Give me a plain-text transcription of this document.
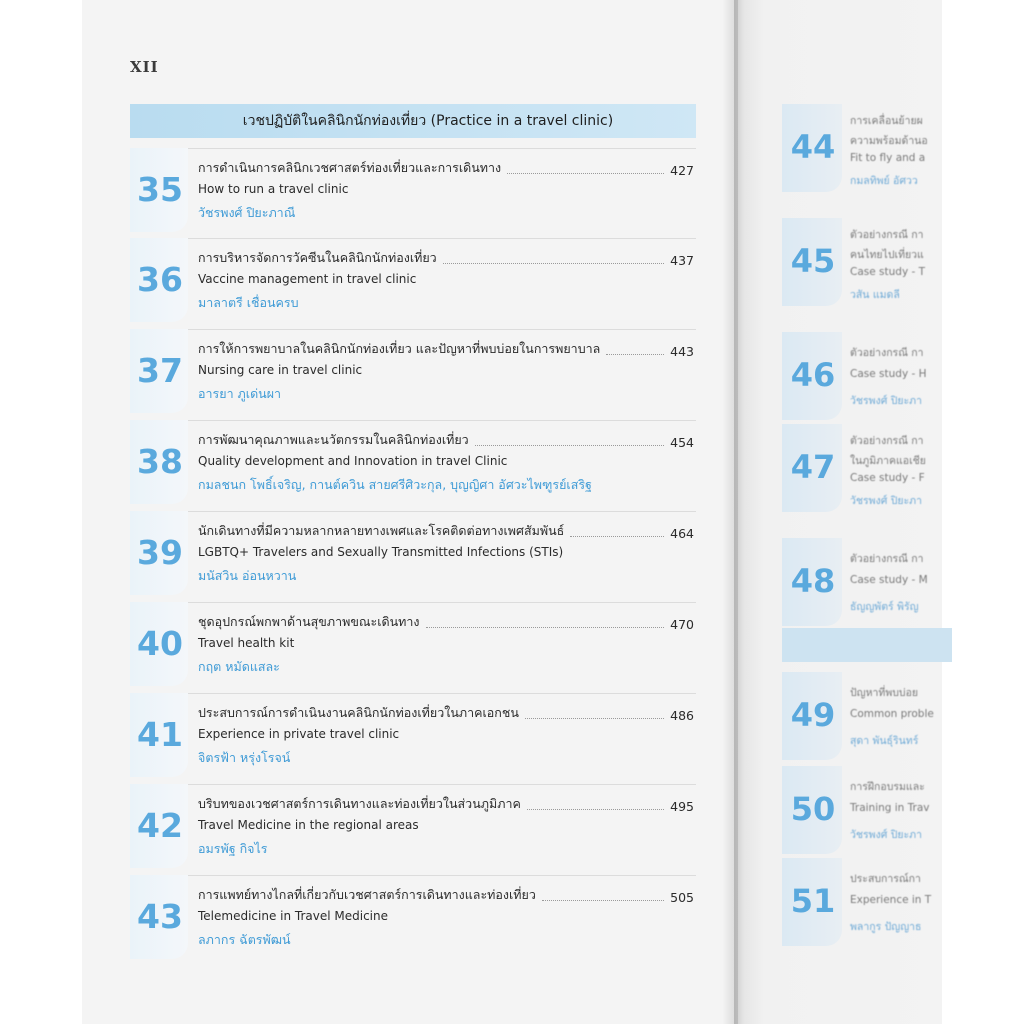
XII
เวชปฏิบัติในคลินิกนักท่องเที่ยว (Practice in a travel clinic)
35
การดำเนินการคลินิกเวชศาสตร์ท่องเที่ยวและการเดินทาง	427
How to run a travel clinic
วัชรพงศ์ ปิยะภาณี
36
การบริหารจัดการวัคซีนในคลินิกนักท่องเที่ยว	437
Vaccine management in travel clinic
มาลาตรี เชื่อนครบ
37
การให้การพยาบาลในคลินิกนักท่องเที่ยว และปัญหาที่พบบ่อยในการพยาบาล	443
Nursing care in travel clinic
อารยา ภูเด่นผา
38
การพัฒนาคุณภาพและนวัตกรรมในคลินิกท่องเที่ยว	454
Quality development and Innovation in travel Clinic
กมลชนก โพธิ์เจริญ, กานต์ควิน สายศรีศิวะกุล, บุญญิศา อัศวะไพฑูรย์เสริฐ
39
นักเดินทางที่มีความหลากหลายทางเพศและโรคติดต่อทางเพศสัมพันธ์	464
LGBTQ+ Travelers and Sexually Transmitted Infections (STIs)
มนัสวิน อ่อนหวาน
40
ชุดอุปกรณ์พกพาด้านสุขภาพขณะเดินทาง	470
Travel health kit
กฤต หมัดแสละ
41
ประสบการณ์การดำเนินงานคลินิกนักท่องเที่ยวในภาคเอกชน	486
Experience in private travel clinic
จิตรฟ้า หรุ่งโรจน์
42
บริบทของเวชศาสตร์การเดินทางและท่องเที่ยวในส่วนภูมิภาค	495
Travel Medicine in the regional areas
อมรพัฐ กิจไร
43
การแพทย์ทางไกลที่เกี่ยวกับเวชศาสตร์การเดินทางและท่องเที่ยว	505
Telemedicine in Travel Medicine
ลภากร ฉัตรพัฒน์
44
การเคลื่อนย้ายผ
ความพร้อมด้านอ
Fit to fly and a
กมลทิพย์ อัศวว
45
ตัวอย่างกรณี กา
คนไทยไปเที่ยวแ
Case study - T
วสัน แมดลี
46
ตัวอย่างกรณี กา
Case study - H
วัชรพงศ์ ปิยะภา
47
ตัวอย่างกรณี กา
ในภูมิภาคแอเชีย
Case study - F
วัชรพงศ์ ปิยะภา
48
ตัวอย่างกรณี กา
Case study - M
ธัญญพัตร์ พิรัญ
49
ปัญหาที่พบบ่อย
Common proble
สุดา พันธุ์รินทร์
50
การฝึกอบรมและ
Training in Trav
วัชรพงศ์ ปิยะภา
51
ประสบการณ์กา
Experience in T
พลากูร ปัญญาธ
